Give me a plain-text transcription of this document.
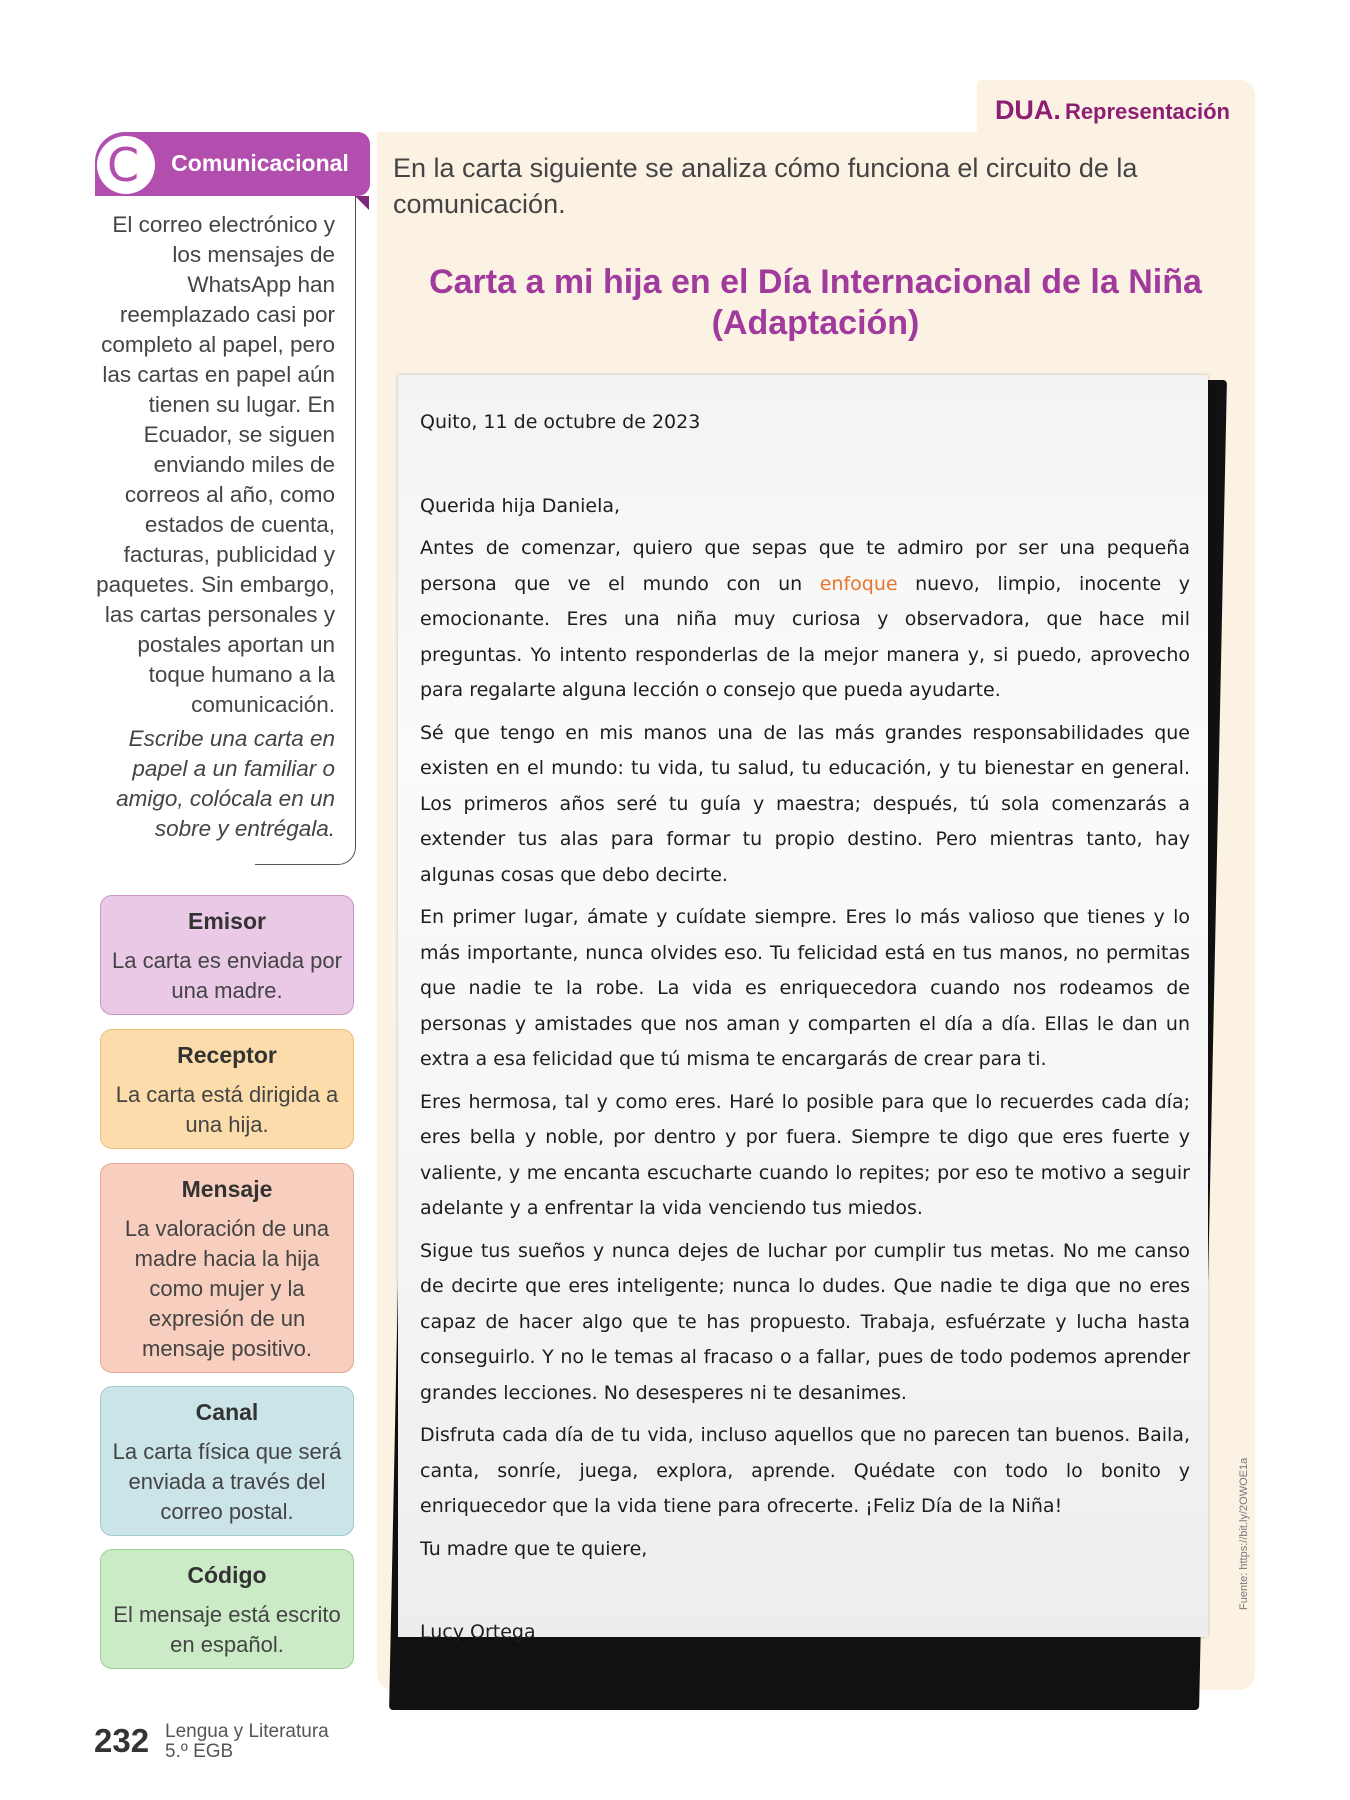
DUA. Representación
En la carta siguiente se analiza cómo funciona el circuito de la comunicación.
Carta a mi hija en el Día Internacional de la Niña
(Adaptación)

Quito, 11 de octubre de 2023

Querida hija Daniela,

Antes de comenzar, quiero que sepas que te admiro por ser una pequeña persona que ve el mundo con un enfoque nuevo, limpio, inocente y emocionante. Eres una niña muy curiosa y observadora, que hace mil preguntas. Yo intento responderlas de la mejor manera y, si puedo, aprovecho para regalarte alguna lección o consejo que pueda ayudarte.

Sé que tengo en mis manos una de las más grandes responsabilidades que existen en el mundo: tu vida, tu salud, tu educación, y tu bienestar en general. Los primeros años seré tu guía y maestra; después, tú sola comenzarás a extender tus alas para formar tu propio destino. Pero mientras tanto, hay algunas cosas que debo decirte.

En primer lugar, ámate y cuídate siempre. Eres lo más valioso que tienes y lo más importante, nunca olvides eso. Tu felicidad está en tus manos, no permitas que nadie te la robe. La vida es enriquecedora cuando nos rodeamos de personas y amistades que nos aman y comparten el día a día. Ellas le dan un extra a esa felicidad que tú misma te encargarás de crear para ti.

Eres hermosa, tal y como eres. Haré lo posible para que lo recuerdes cada día; eres bella y noble, por dentro y por fuera. Siempre te digo que eres fuerte y valiente, y me encanta escucharte cuando lo repites; por eso te motivo a seguir adelante y a enfrentar la vida venciendo tus miedos.

Sigue tus sueños y nunca dejes de luchar por cumplir tus metas. No me canso de decirte que eres inteligente; nunca lo dudes. Que nadie te diga que no eres capaz de hacer algo que te has propuesto. Trabaja, esfuérzate y lucha hasta conseguirlo. Y no le temas al fracaso o a fallar, pues de todo podemos aprender grandes lecciones. No desesperes ni te desanimes.

Disfruta cada día de tu vida, incluso aquellos que no parecen tan buenos. Baila, canta, sonríe, juega, explora, aprende. Quédate con todo lo bonito y enriquecedor que la vida tiene para ofrecerte. ¡Feliz Día de la Niña!

Tu madre que te quiere,

Lucy Ortega

Fuente: https://bit.ly/2OWOE1a
C	Comunicacional

El correo electrónico y los mensajes de WhatsApp han reemplazado casi por completo al papel, pero las cartas en papel aún tienen su lugar. En Ecuador, se siguen enviando miles de correos al año, como estados de cuenta, facturas, publicidad y paquetes. Sin embargo, las cartas personales y postales aportan un toque humano a la comunicación.

Escribe una carta en papel a un familiar o amigo, colócala en un sobre y entrégala.

Emisor
La carta es enviada por una madre.
Receptor
La carta está dirigida a una hija.
Mensaje
La valoración de una madre hacia la hija como mujer y la expresión de un mensaje positivo.
Canal
La carta física que será enviada a través del correo postal.
Código
El mensaje está escrito en español.
232 Lengua y Literatura
5.º EGB
